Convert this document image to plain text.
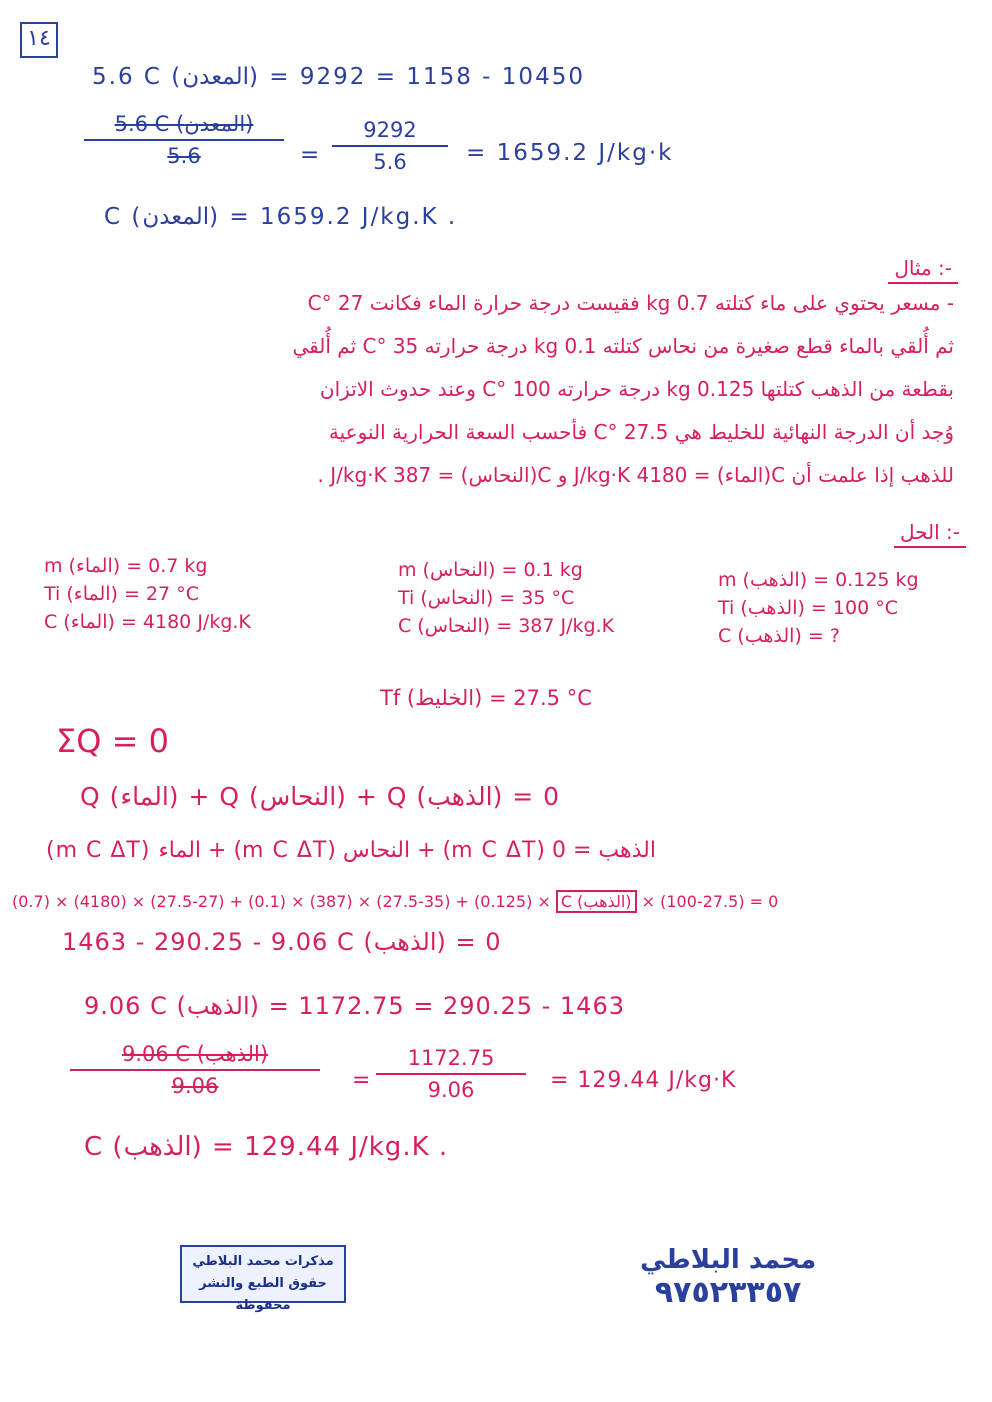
١٤
5.6 C (المعدن) = 10450 - 1158 = 9292
5.6 C (المعدن)
5.6	=
9292
5.6	= 1659.2 J/kg·k
C (المعدن) = 1659.2 J/kg.K .
مثال :-
- مسعر يحتوي على ماء كتلته 0.7 kg فقيست درجة حرارة الماء فكانت 27 °C
ثم أُلقي بالماء قطع صغيرة من نحاس كتلته 0.1 kg درجة حرارته 35 °C ثم أُلقي
بقطعة من الذهب كتلتها 0.125 kg درجة حرارته 100 °C وعند حدوث الاتزان
وُجد أن الدرجة النهائية للخليط هي 27.5 °C فأحسب السعة الحرارية النوعية
للذهب إذا علمت أن C(الماء) = 4180 J/kg·K و C(النحاس) = 387 J/kg·K .
الحل :-
m (الماء) = 0.7 kg
Ti (الماء) = 27 °C
C (الماء) = 4180 J/kg.K
m (النحاس) = 0.1 kg
Ti (النحاس) = 35 °C
C (النحاس) = 387 J/kg.K
m (الذهب) = 0.125 kg
Ti (الذهب) = 100 °C
C (الذهب) = ?
Tf (الخليط) = 27.5 °C
ΣQ = 0
Q (الماء) + Q (النحاس) + Q (الذهب) = 0
(m C ΔT) الماء + (m C ΔT) النحاس + (m C ΔT) الذهب = 0
(0.7) × (4180) × (27.5-27) + (0.1) × (387) × (27.5-35) + (0.125) × C (الذهب) × (27.5-100) = 0
1463 - 290.25 - 9.06 C (الذهب) = 0
9.06 C (الذهب) = 1463 - 290.25 = 1172.75
9.06 C (الذهب)
9.06	=
1172.75
9.06	= 129.44 J/kg·K
C (الذهب) = 129.44 J/kg.K .
مذكرات محمد البلاطي
حقوق الطبع والنشر محفوظة
محمد البلاطي
٩٧٥٢٣٣٥٧
